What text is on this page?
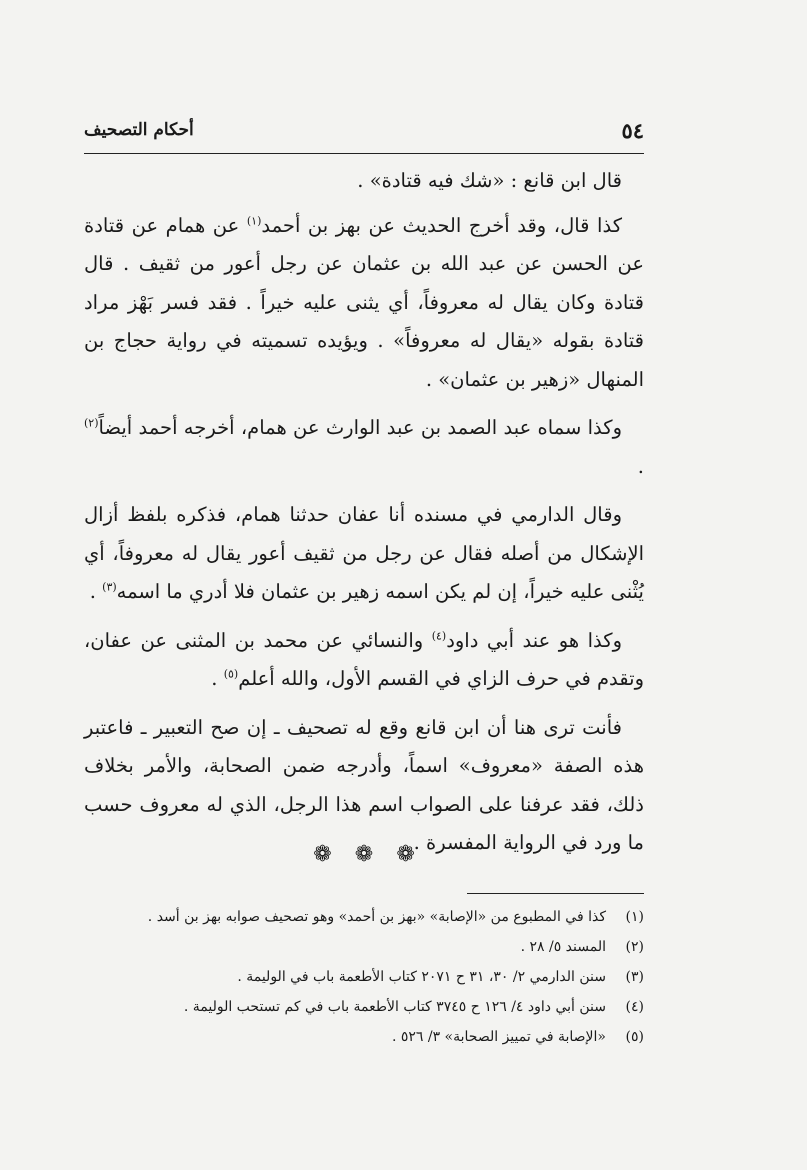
أحكام التصحيف	٥٤

قال ابن قانع : «شك فيه قتادة» .

كذا قال، وقد أخرج الحديث عن بهز بن أحمد$^{(١)}$ عن همام عن قتادة عن الحسن عن عبد الله بن عثمان عن رجل أعور من ثقيف . قال قتادة وكان يقال له معروفاً، أي يثنى عليه خيراً . فقد فسر بَهْز مراد قتادة بقوله «يقال له معروفاً» . ويؤيده تسميته في رواية حجاج بن المنهال «زهير بن عثمان» .

وكذا سماه عبد الصمد بن عبد الوارث عن همام، أخرجه أحمد أيضاً$^{(٢)}$ .

وقال الدارمي في مسنده أنا عفان حدثنا همام، فذكره بلفظ أزال الإشكال من أصله فقال عن رجل من ثقيف أعور يقال له معروفاً، أي يُثْنى عليه خيراً، إن لم يكن اسمه زهير بن عثمان فلا أدري ما اسمه$^{(٣)}$ .

وكذا هو عند أبي داود$^{(٤)}$ والنسائي عن محمد بن المثنى عن عفان، وتقدم في حرف الزاي في القسم الأول، والله أعلم$^{(٥)}$ .

فأنت ترى هنا أن ابن قانع وقع له تصحيف ـ إن صح التعبير ـ فاعتبر هذه الصفة «معروف» اسماً، وأدرجه ضمن الصحابة، والأمر بخلاف ذلك، فقد عرفنا على الصواب اسم هذا الرجل، الذي له معروف حسب ما ورد في الرواية المفسرة .

❁ ❁ ❁
(١)
كذا في المطبوع من «الإصابة» «بهز بن أحمد» وهو تصحيف صوابه بهز بن أسد .
(٢)
المسند ٥/ ٢٨ .
(٣)
سنن الدارمي ٢/ ٣٠، ٣١ ح ٢٠٧١ كتاب الأطعمة باب في الوليمة .
(٤)
سنن أبي داود ٤/ ١٢٦ ح ٣٧٤٥ كتاب الأطعمة باب في كم تستحب الوليمة .
(٥)
«الإصابة في تمييز الصحابة» ٣/ ٥٢٦ .
